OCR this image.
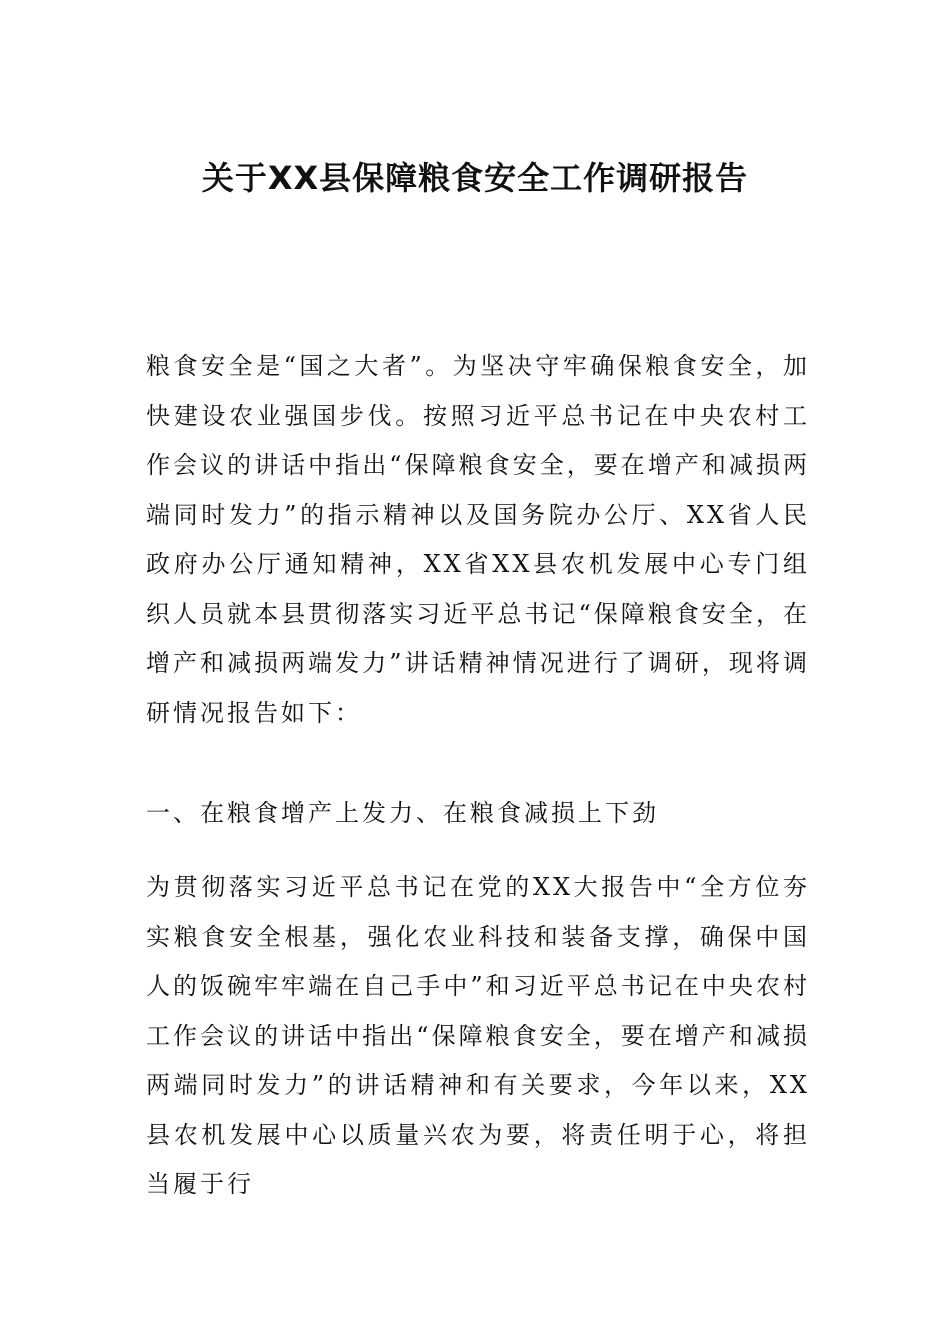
关于XX县保障粮食安全工作调研报告

粮食安全是“国之大者”。为坚决守牢确保粮食安全，加快建设农业强国步伐。按照习近平总书记在中央农村工作会议的讲话中指出“保障粮食安全，要在增产和减损两端同时发力”的指示精神以及国务院办公厅、XX省人民政府办公厅通知精神，XX省XX县农机发展中心专门组织人员就本县贯彻落实习近平总书记“保障粮食安全，在增产和减损两端发力”讲话精神情况进行了调研，现将调研情况报告如下：

一、在粮食增产上发力、在粮食减损上下劲

为贯彻落实习近平总书记在党的XX大报告中“全方位夯实粮食安全根基，强化农业科技和装备支撑，确保中国人的饭碗牢牢端在自己手中”和习近平总书记在中央农村工作会议的讲话中指出“保障粮食安全，要在增产和减损两端同时发力”的讲话精神和有关要求，今年以来，XX县农机发展中心以质量兴农为要，将责任明于心，将担当履于行
